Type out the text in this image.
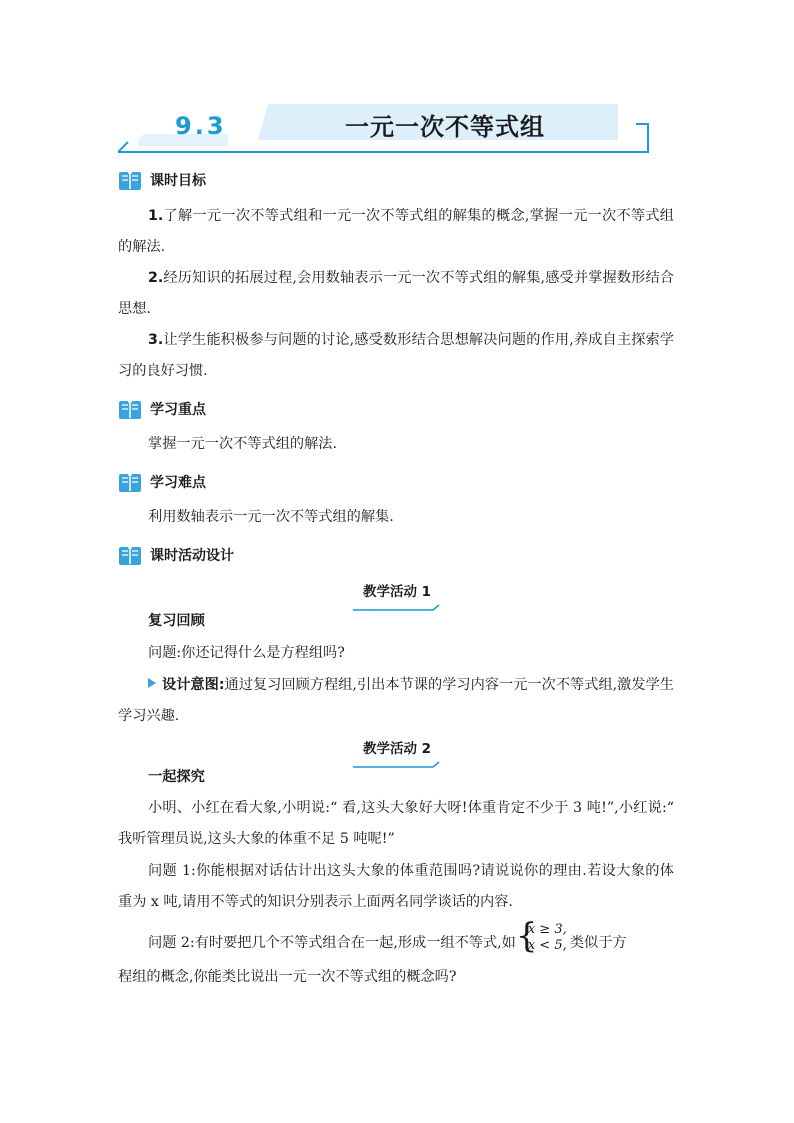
9.3	一元一次不等式组
课时目标
1.了解一元一次不等式组和一元一次不等式组的解集的概念,掌握一元一次不等式组的解法.
2.经历知识的拓展过程,会用数轴表示一元一次不等式组的解集,感受并掌握数形结合思想.
3.让学生能积极参与问题的讨论,感受数形结合思想解决问题的作用,养成自主探索学习的良好习惯.
学习重点
掌握一元一次不等式组的解法.
学习难点
利用数轴表示一元一次不等式组的解集.
课时活动设计
教学活动 1
复习回顾
问题:你还记得什么是方程组吗?
设计意图:通过复习回顾方程组,引出本节课的学习内容一元一次不等式组,激发学生学习兴趣.
教学活动 2
一起探究
小明、小红在看大象,小明说:“ 看,这头大象好大呀!体重肯定不少于 3 吨!”,小红说:“ 我听管理员说,这头大象的体重不足 5 吨呢!”
问题 1:你能根据对话估计出这头大象的体重范围吗?请说说你的理由.若设大象的体重为 x 吨,请用不等式的知识分别表示上面两名同学谈话的内容.
问题 2:有时要把几个不等式组合在一起,形成一组不等式,如 {
x ≥ 3,
x < 5, 类似于方
程组的概念,你能类比说出一元一次不等式组的概念吗?
